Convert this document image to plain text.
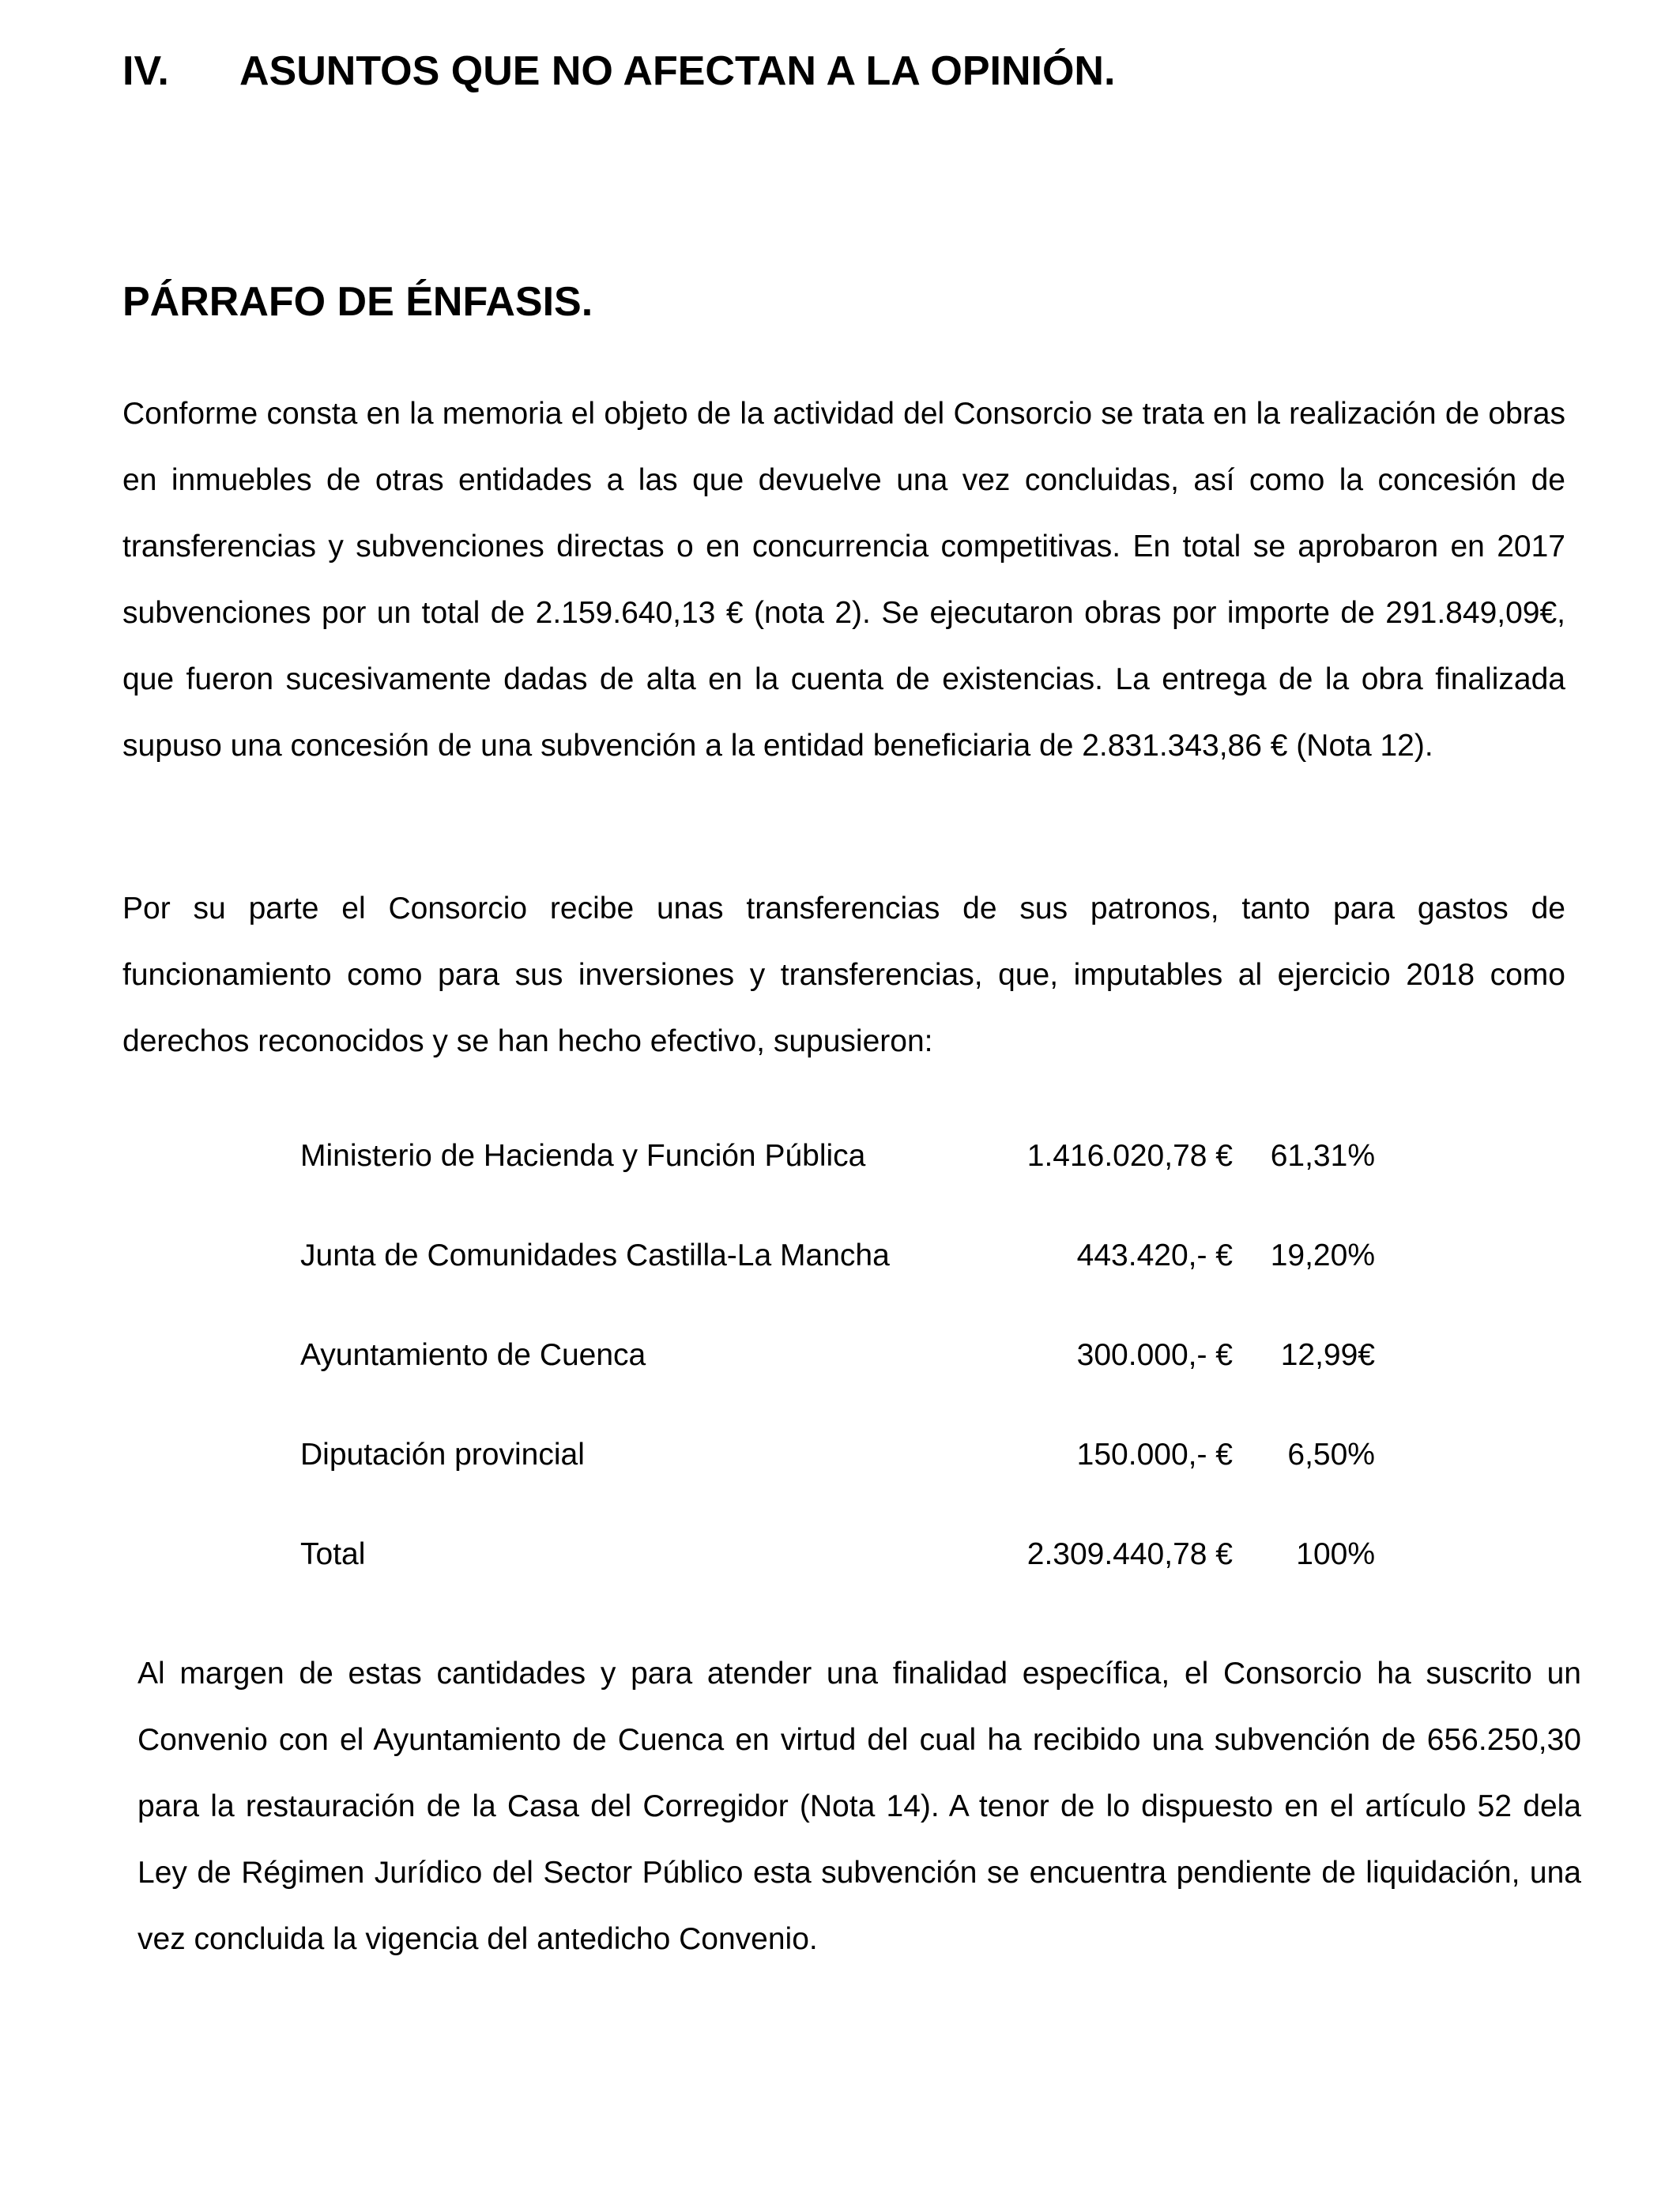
IV. ASUNTOS QUE NO AFECTAN A LA OPINIÓN.
PÁRRAFO DE ÉNFASIS.

Conforme consta en la memoria el objeto de la actividad del Consorcio se trata en la realización de obras en inmuebles de otras entidades a las que devuelve una vez concluidas, así como la concesión de transferencias y subvenciones directas o en concurrencia competitivas. En total se aprobaron en 2017 subvenciones por un total de 2.159.640,13 € (nota 2). Se ejecutaron obras por importe de 291.849,09€, que fueron sucesivamente dadas de alta en la cuenta de existencias. La entrega de la obra finalizada supuso una concesión de una subvención a la entidad beneficiaria de 2.831.343,86 € (Nota 12).

Por su parte el Consorcio recibe unas transferencias de sus patronos, tanto para gastos de funcionamiento como para sus inversiones y transferencias, que, imputables al ejercicio 2018 como derechos reconocidos y se han hecho efectivo, supusieron:

Ministerio de Hacienda y Función Pública	1.416.020,78 €	61,31%
Junta de Comunidades Castilla-La Mancha	443.420,- €	19,20%
Ayuntamiento de Cuenca	300.000,- €	12,99€
Diputación provincial	150.000,- €	6,50%
Total	2.309.440,78 €	100%

Al margen de estas cantidades y para atender una finalidad específica, el Consorcio ha suscrito un Convenio con el Ayuntamiento de Cuenca en virtud del cual ha recibido una subvención de 656.250,30 para la restauración de la Casa del Corregidor (Nota 14). A tenor de lo dispuesto en el artículo 52 dela Ley de Régimen Jurídico del Sector Público esta subvención se encuentra pendiente de liquidación, una vez concluida la vigencia del antedicho Convenio.
